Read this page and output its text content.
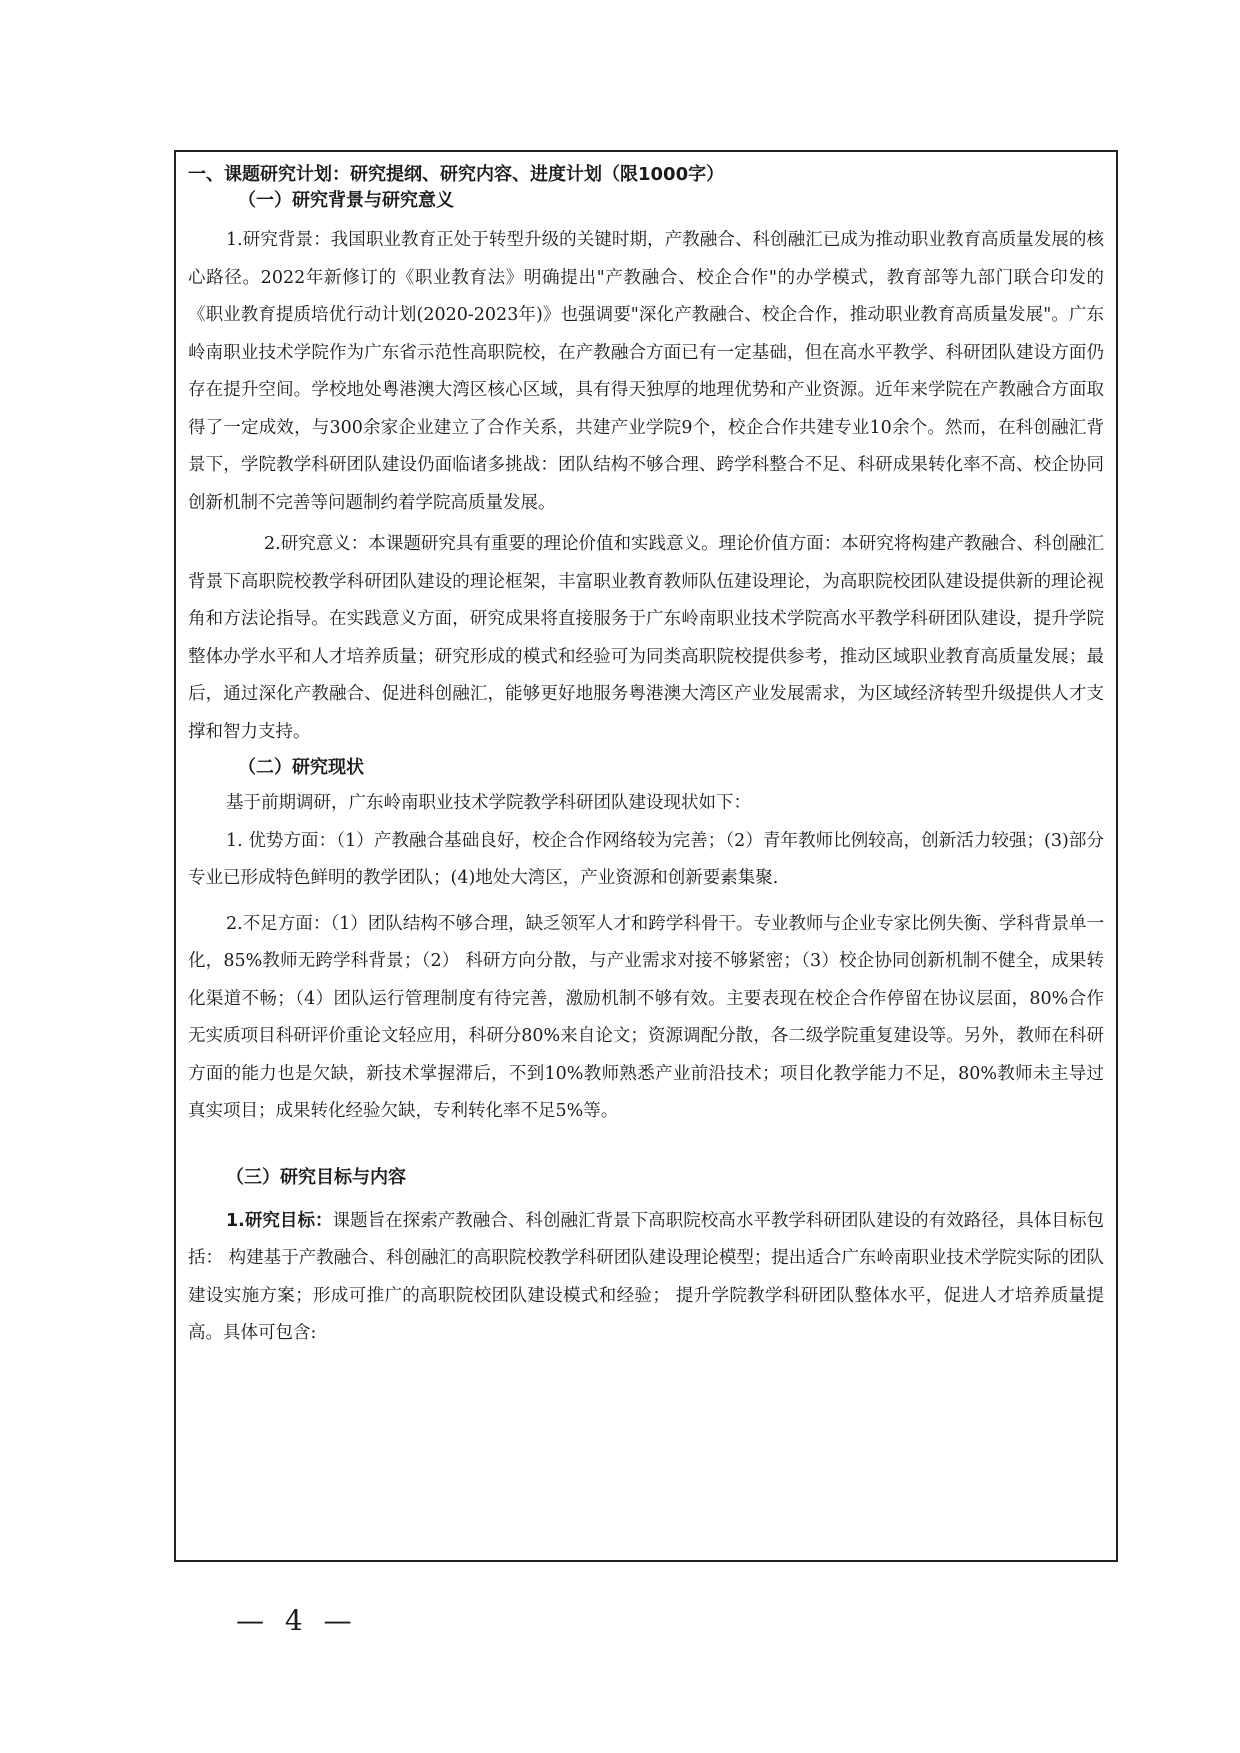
一、课题研究计划：研究提纲、研究内容、进度计划（限1000字）
（一）研究背景与研究意义

1.研究背景：我国职业教育正处于转型升级的关键时期，产教融合、科创融汇已成为推动职业教育高质量发展的核心路径。2022年新修订的《职业教育法》明确提出"产教融合、校企合作"的办学模式，教育部等九部门联合印发的《职业教育提质培优行动计划(2020-2023年)》也强调要"深化产教融合、校企合作，推动职业教育高质量发展"。广东岭南职业技术学院作为广东省示范性高职院校，在产教融合方面已有一定基础，但在高水平教学、科研团队建设方面仍存在提升空间。学校地处粤港澳大湾区核心区域，具有得天独厚的地理优势和产业资源。近年来学院在产教融合方面取得了一定成效，与300余家企业建立了合作关系，共建产业学院9个，校企合作共建专业10余个。然而，在科创融汇背景下，学院教学科研团队建设仍面临诸多挑战：团队结构不够合理、跨学科整合不足、科研成果转化率不高、校企协同创新机制不完善等问题制约着学院高质量发展。

2.研究意义：本课题研究具有重要的理论价值和实践意义。理论价值方面：本研究将构建产教融合、科创融汇背景下高职院校教学科研团队建设的理论框架，丰富职业教育教师队伍建设理论，为高职院校团队建设提供新的理论视角和方法论指导。在实践意义方面，研究成果将直接服务于广东岭南职业技术学院高水平教学科研团队建设，提升学院整体办学水平和人才培养质量；研究形成的模式和经验可为同类高职院校提供参考，推动区域职业教育高质量发展；最后，通过深化产教融合、促进科创融汇，能够更好地服务粤港澳大湾区产业发展需求，为区域经济转型升级提供人才支撑和智力支持。

（二）研究现状

基于前期调研，广东岭南职业技术学院教学科研团队建设现状如下：

1. 优势方面：（1）产教融合基础良好，校企合作网络较为完善；（2）青年教师比例较高，创新活力较强；(3)部分专业已形成特色鲜明的教学团队；(4)地处大湾区，产业资源和创新要素集聚.

2.不足方面：（1）团队结构不够合理，缺乏领军人才和跨学科骨干。专业教师与企业专家比例失衡、学科背景单一化，85%教师无跨学科背景；（2） 科研方向分散，与产业需求对接不够紧密；（3）校企协同创新机制不健全，成果转化渠道不畅；（4）团队运行管理制度有待完善，激励机制不够有效。主要表现在校企合作停留在协议层面，80%合作无实质项目科研评价重论文轻应用，科研分80%来自论文；资源调配分散，各二级学院重复建设等。另外，教师在科研方面的能力也是欠缺，新技术掌握滞后，不到10%教师熟悉产业前沿技术；项目化教学能力不足，80%教师未主导过真实项目；成果转化经验欠缺，专利转化率不足5%等。

（三）研究目标与内容

1.研究目标：课题旨在探索产教融合、科创融汇背景下高职院校高水平教学科研团队建设的有效路径，具体目标包括： 构建基于产教融合、科创融汇的高职院校教学科研团队建设理论模型；提出适合广东岭南职业技术学院实际的团队建设实施方案；形成可推广的高职院校团队建设模式和经验； 提升学院教学科研团队整体水平，促进人才培养质量提高。具体可包含:

— 4 —
